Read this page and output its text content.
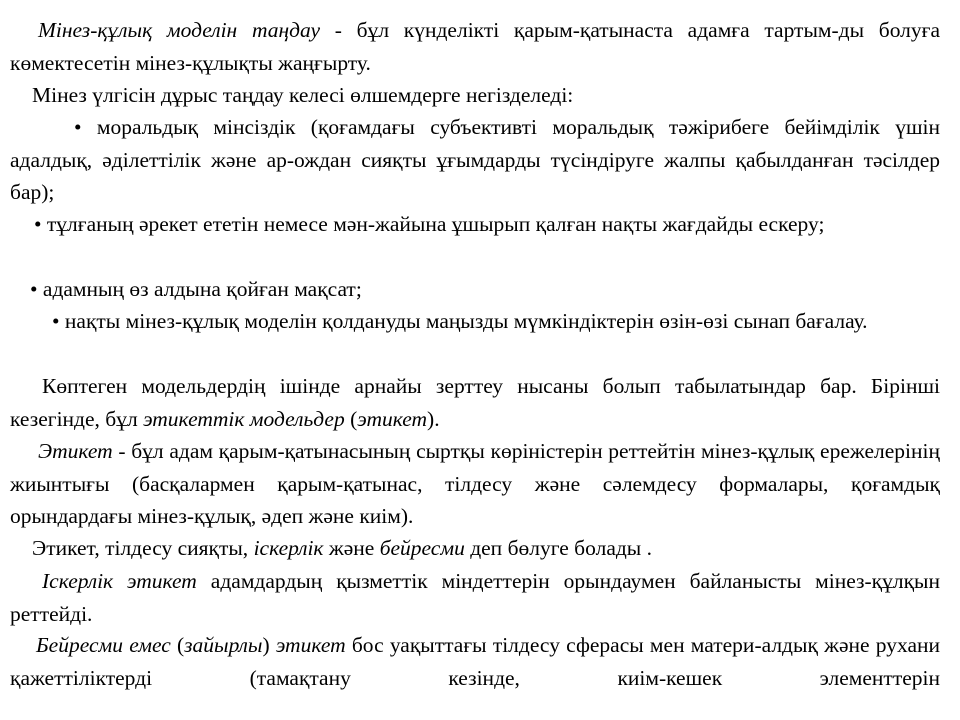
Мінез-құлық моделін таңдау - бұл күнделікті қарым-қатынаста адамға тартым-ды болуға көмектесетін мінез-құлықты жаңғырту.

Мінез үлгісін дұрыс таңдау келесі өлшемдерге негізделеді:

• моральдық мінсіздік (қоғамдағы субъективті моральдық тәжірибеге бейімділік үшін адалдық, әділеттілік және ар-ождан сияқты ұғымдарды түсіндіруге жалпы қабылданған тәсілдер бар);

• тұлғаның әрекет ететін немесе мән-жайына ұшырып қалған нақты жағдайды ескеру;

• адамның өз алдына қойған мақсат;

• нақты мінез-құлық моделін қолдануды маңызды мүмкіндіктерін өзін-өзі сынап бағалау.

Көптеген модельдердің ішінде арнайы зерттеу нысаны болып табылатындар бар. Бірінші кезегінде, бұл этикеттік модельдер (этикет).

Этикет - бұл адам қарым-қатынасының сыртқы көріністерін реттейтін мінез-құлық ережелерінің жиынтығы (басқалармен қарым-қатынас, тілдесу және сәлемдесу формалары, қоғамдық орындардағы мінез-құлық, әдеп және киім).

Этикет, тілдесу сияқты, іскерлік және бейресми деп бөлуге болады .

Іскерлік этикет адамдардың қызметтік міндеттерін орындаумен байланысты мінез-құлқын реттейді.

Бейресми емес (зайырлы) этикет бос уақыттағы тілдесу сферасы мен матери-алдық және рухани қажеттіліктерді (тамақтану кезінде, киім-кешек элементтерін
